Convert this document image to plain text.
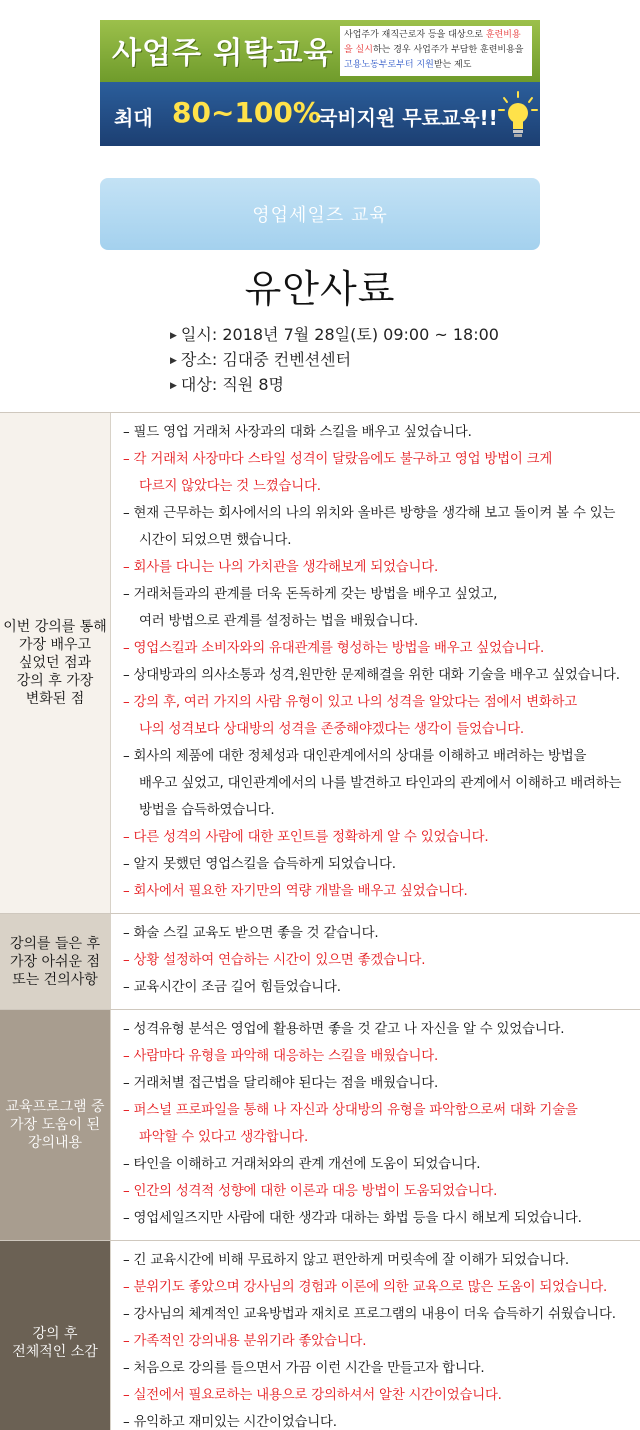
사업주 위탁교육
사업주가 재직근로자 등을 대상으로 훈련비용
을 실시하는 경우 사업주가 부담한 훈련비용을
고용노동부로부터 지원받는 제도
최대 80~100%
국비지원 무료교육!!
영업세일즈 교육
유안사료
▶ 일시: 2018년 7월 28일(토) 09:00 ~ 18:00
▶ 장소: 김대중 컨벤션센터
▶ 대상: 직원 8명
이번 강의를 통해
가장 배우고
싶었던 점과
강의 후 가장
변화된 점
– 필드 영업 거래처 사장과의 대화 스킬을 배우고 싶었습니다.
– 각 거래처 사장마다 스타일 성격이 달랐음에도 불구하고 영업 방법이 크게
다르지 않았다는 것 느꼈습니다.
– 현재 근무하는 회사에서의 나의 위치와 올바른 방향을 생각해 보고 돌이켜 볼 수 있는
시간이 되었으면 했습니다.
– 회사를 다니는 나의 가치관을 생각해보게 되었습니다.
– 거래처들과의 관계를 더욱 돈독하게 갖는 방법을 배우고 싶었고,
여러 방법으로 관계를 설정하는 법을 배웠습니다.
– 영업스킬과 소비자와의 유대관계를 형성하는 방법을 배우고 싶었습니다.
– 상대방과의 의사소통과 성격,원만한 문제해결을 위한 대화 기술을 배우고 싶었습니다.
– 강의 후, 여러 가지의 사람 유형이 있고 나의 성격을 알았다는 점에서 변화하고
나의 성격보다 상대방의 성격을 존중해야겠다는 생각이 들었습니다.
– 회사의 제품에 대한 정체성과 대인관계에서의 상대를 이해하고 배려하는 방법을
배우고 싶었고, 대인관계에서의 나를 발견하고 타인과의 관계에서 이해하고 배려하는
방법을 습득하였습니다.
– 다른 성격의 사람에 대한 포인트를 정확하게 알 수 있었습니다.
– 알지 못했던 영업스킬을 습득하게 되었습니다.
– 회사에서 필요한 자기만의 역량 개발을 배우고 싶었습니다.
강의를 들은 후
가장 아쉬운 점
또는 건의사항
– 화술 스킬 교육도 받으면 좋을 것 같습니다.
– 상황 설정하여 연습하는 시간이 있으면 좋겠습니다.
– 교육시간이 조금 길어 힘들었습니다.
교육프로그램 중
가장 도움이 된
강의내용
– 성격유형 분석은 영업에 활용하면 좋을 것 같고 나 자신을 알 수 있었습니다.
– 사람마다 유형을 파악해 대응하는 스킬을 배웠습니다.
– 거래처별 접근법을 달리해야 된다는 점을 배웠습니다.
– 퍼스널 프로파일을 통해 나 자신과 상대방의 유형을 파악함으로써 대화 기술을
파악할 수 있다고 생각합니다.
– 타인을 이해하고 거래처와의 관계 개선에 도움이 되었습니다.
– 인간의 성격적 성향에 대한 이론과 대응 방법이 도움되었습니다.
– 영업세일즈지만 사람에 대한 생각과 대하는 화법 등을 다시 해보게 되었습니다.
강의 후
전체적인 소감
– 긴 교육시간에 비해 무료하지 않고 편안하게 머릿속에 잘 이해가 되었습니다.
– 분위기도 좋았으며 강사님의 경험과 이론에 의한 교육으로 많은 도움이 되었습니다.
– 강사님의 체계적인 교육방법과 재치로 프로그램의 내용이 더욱 습득하기 쉬웠습니다.
– 가족적인 강의내용 분위기라 좋았습니다.
– 처음으로 강의를 들으면서 가끔 이런 시간을 만들고자 합니다.
– 실전에서 필요로하는 내용으로 강의하셔서 알찬 시간이었습니다.
– 유익하고 재미있는 시간이었습니다.
